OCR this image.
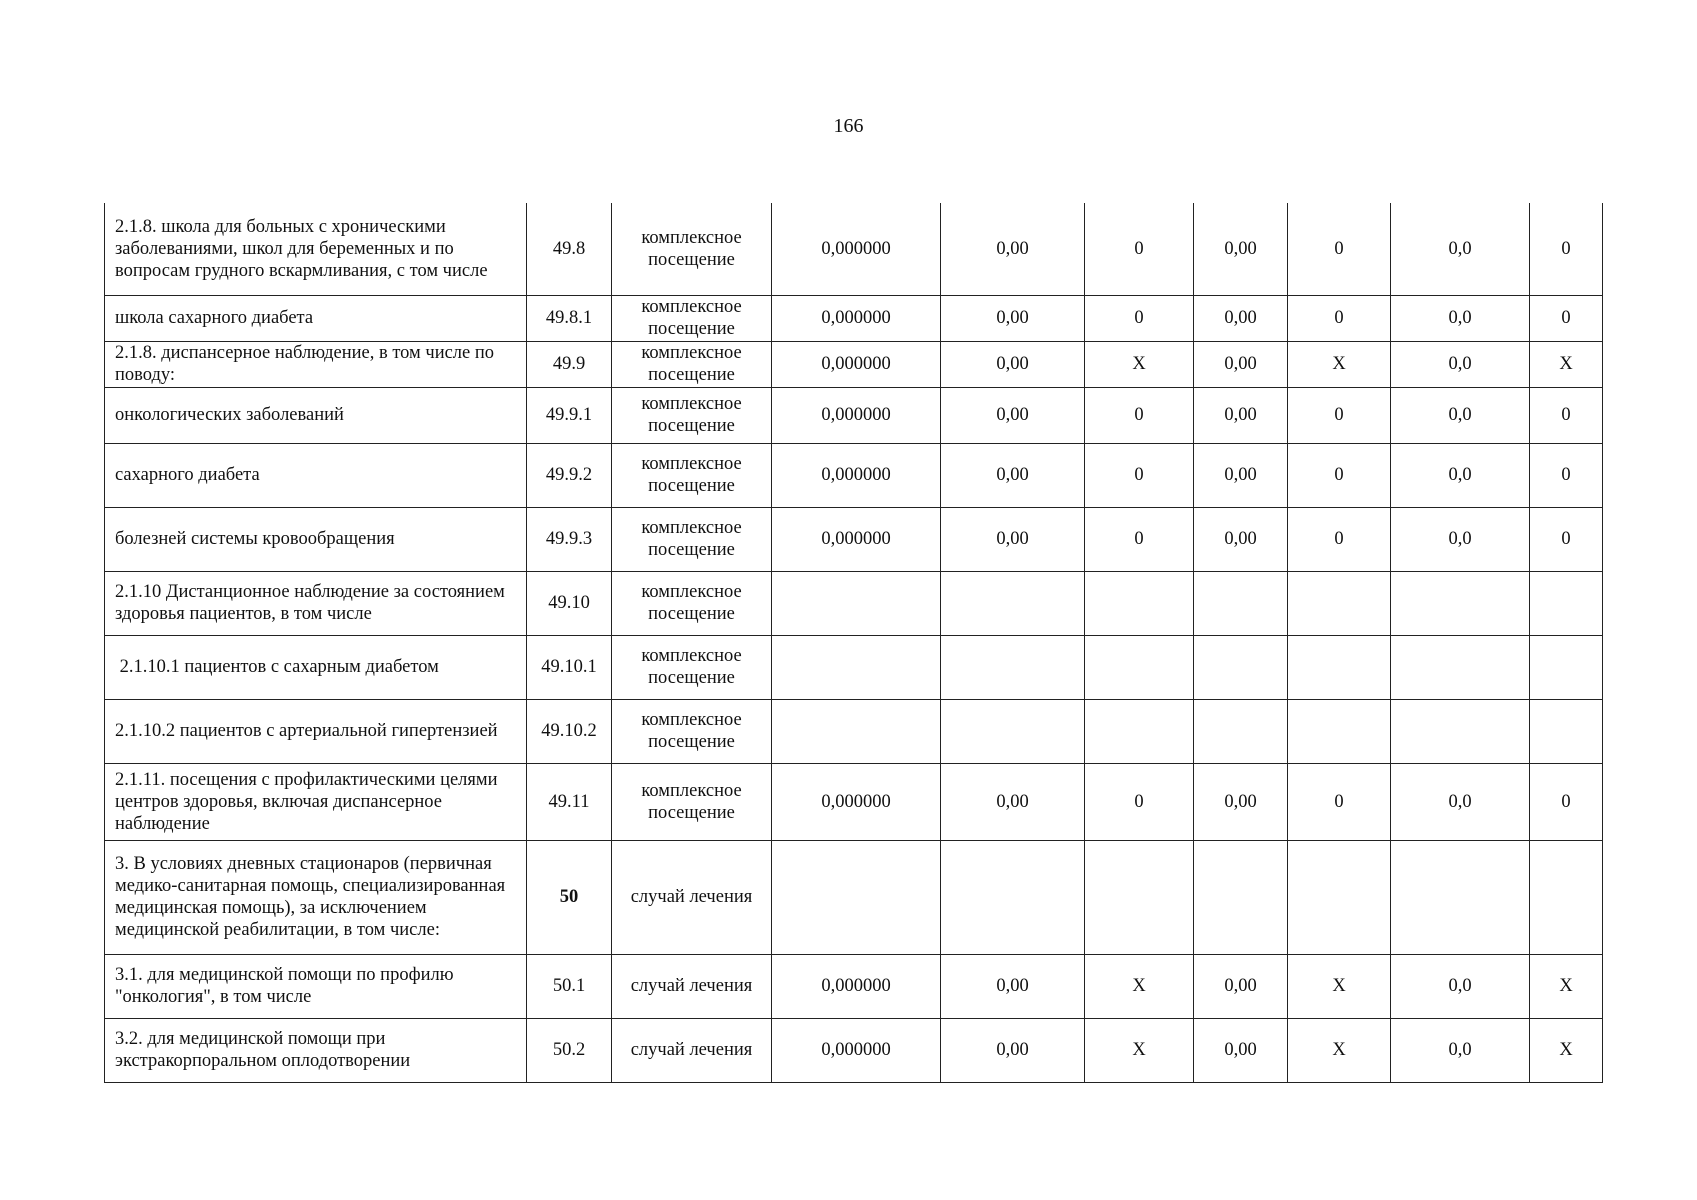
166
2.1.8. школа для больных с хроническими заболеваниями, школ для беременных и по вопросам грудного вскармливания, с том числе	49.8	комплексное посещение	0,000000	0,00	0	0,00	0	0,0	0
школа сахарного диабета	49.8.1	комплексное посещение	0,000000	0,00	0	0,00	0	0,0	0
2.1.8. диспансерное наблюдение, в том числе по поводу:	49.9	комплексное посещение	0,000000	0,00	X	0,00	X	0,0	X
онкологических заболеваний	49.9.1	комплексное посещение	0,000000	0,00	0	0,00	0	0,0	0
сахарного диабета	49.9.2	комплексное посещение	0,000000	0,00	0	0,00	0	0,0	0
болезней системы кровообращения	49.9.3	комплексное посещение	0,000000	0,00	0	0,00	0	0,0	0
2.1.10 Дистанционное наблюдение за состоянием здоровья пациентов, в том числе	49.10	комплексное посещение							
2.1.10.1 пациентов с сахарным диабетом	49.10.1	комплексное посещение							
2.1.10.2 пациентов с артериальной гипертензией	49.10.2	комплексное посещение							
2.1.11. посещения с профилактическими целями центров здоровья, включая диспансерное наблюдение	49.11	комплексное посещение	0,000000	0,00	0	0,00	0	0,0	0
3. В условиях дневных стационаров (первичная медико-санитарная помощь, специализированная медицинская помощь), за исключением медицинской реабилитации, в том числе:	50	случай лечения							
3.1. для медицинской помощи по профилю "онкология", в том числе	50.1	случай лечения	0,000000	0,00	X	0,00	X	0,0	X
3.2. для медицинской помощи при экстракорпоральном оплодотворении	50.2	случай лечения	0,000000	0,00	X	0,00	X	0,0	X
